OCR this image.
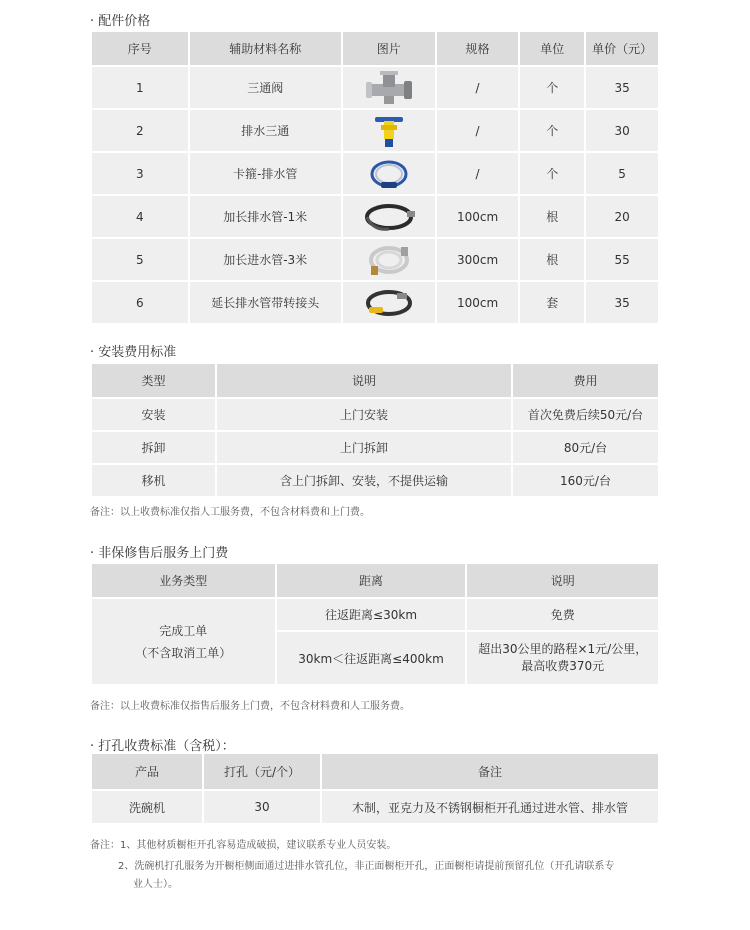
· 配件价格
序号	辅助材料名称	图片	规格	单位	单价（元）
1	三通阀		/	个	35
2	排水三通		/	个	30
3	卡箍-排水管		/	个	5
4	加长排水管-1米		100cm	根	20
5	加长进水管-3米		300cm	根	55
6	延长排水管带转接头		100cm	套	35
· 安装费用标准
类型	说明	费用
安装	上门安装	首次免费后续50元/台
拆卸	上门拆卸	80元/台
移机	含上门拆卸、安装，不提供运输	160元/台
备注：以上收费标准仅指人工服务费，不包含材料费和上门费。
· 非保修售后服务上门费
业务类型	距离	说明

完成工单
（不含取消工单）	往返距离≤30km	免费
	30km＜往返距离≤400km	超出30公里的路程×1元/公里，
最高收费370元
备注：以上收费标准仅指售后服务上门费，不包含材料费和人工服务费。
· 打孔收费标准（含税）：
产品	打孔（元/个）	备注
洗碗机	30	木制，亚克力及不锈钢橱柜开孔通过进水管、排水管
备注：1、其他材质橱柜开孔容易造成破损，建议联系专业人员安装。
2、洗碗机打孔服务为开橱柜侧面通过进排水管孔位，非正面橱柜开孔，正面橱柜请提前预留孔位（开孔请联系专
业人士）。
